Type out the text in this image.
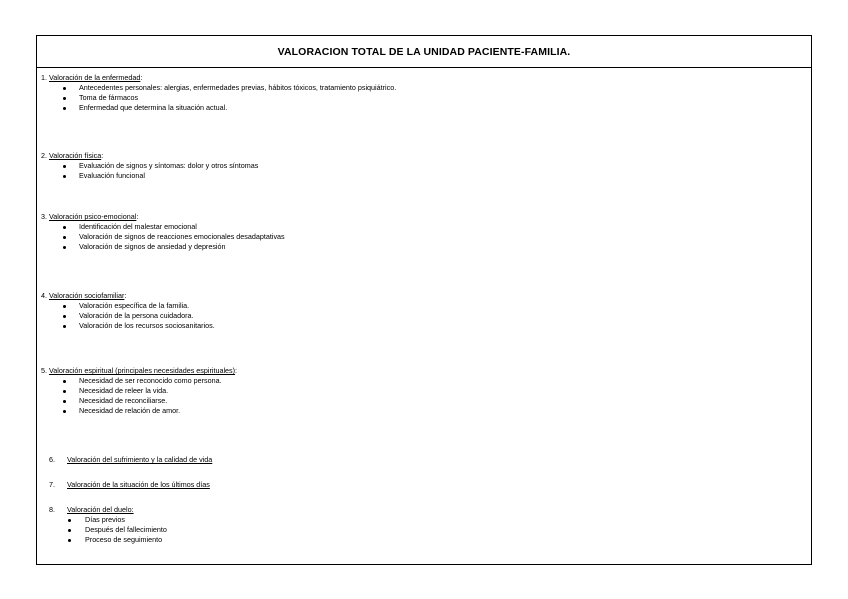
VALORACION TOTAL DE LA UNIDAD PACIENTE-FAMILIA.
1. Valoración de la enfermedad:
Antecedentes personales: alergias, enfermedades previas, hábitos tóxicos, tratamiento psiquiátrico.
Toma de fármacos
Enfermedad que determina la situación actual.
2. Valoración física:
Evaluación de signos y síntomas: dolor y otros síntomas
Evaluación funcional
3. Valoración psico-emocional:
Identificación del malestar emocional
Valoración de signos de reacciones emocionales desadaptativas
Valoración de signos de ansiedad y depresión
4. Valoración sociofamiliar:
Valoración específica de la familia.
Valoración de la persona cuidadora.
Valoración de los recursos sociosanitarios.
5. Valoración espiritual (principales necesidades espirituales):
Necesidad de ser reconocido como persona.
Necesidad de releer la vida.
Necesidad de reconciliarse.
Necesidad de relación de amor.
6. Valoración del sufrimiento y la calidad de vida
7. Valoración de la situación de los últimos días
8. Valoración del duelo:
Días previos
Después del fallecimiento
Proceso de seguimiento
